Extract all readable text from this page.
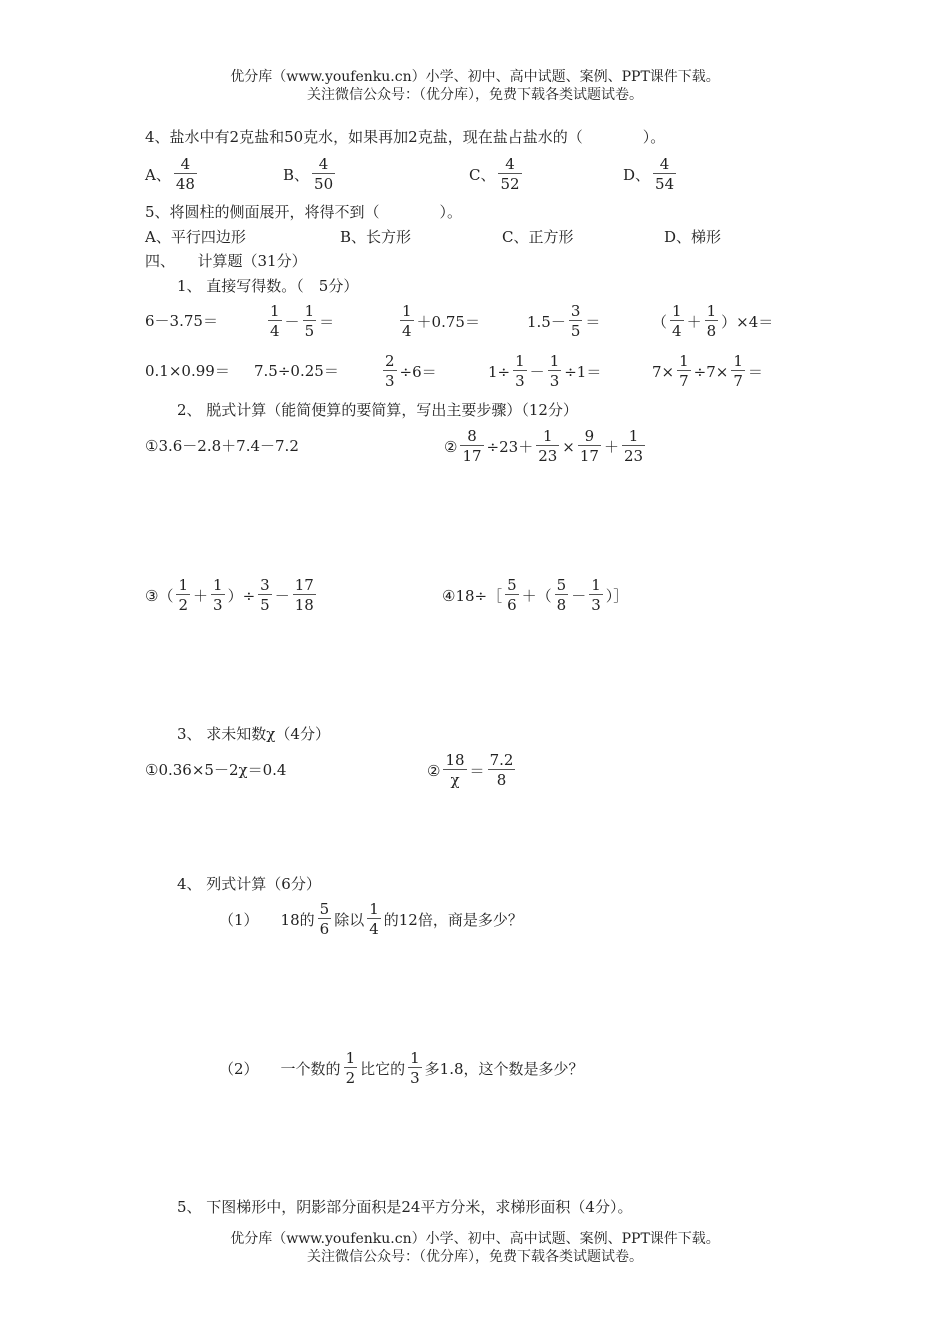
优分库（www.youfenku.cn）小学、初中、高中试题、案例、PPT课件下载。
关注微信公众号：（优分库），免费下载各类试题试卷。
4、盐水中有2克盐和50克水，如果再加2克盐，现在盐占盐水的（　　　　）。
A、 $\frac{4}{48}$	B、 $\frac{4}{50}$	C、 $\frac{4}{52}$	D、 $\frac{4}{54}$
5、将圆柱的侧面展开，将得不到（　　　　）。
A、平行四边形	B、长方形	C、正方形	D、梯形
四、　　计算题（31分）
1、 直接写得数。（　5分）
6－3.75＝	$\frac{1}{4} - \frac{1}{5}$ ＝	$\frac{1}{4} +0.75=$	$1.5- \frac{3}{5}$ ＝	（ $\frac{1}{4} + \frac{1}{8} )\times 4=$
0.1×0.99＝ 7.5÷0.25＝	$\frac{2}{3} \div 6=$	$1\div \frac{1}{3} - \frac{1}{3} \div 1=$	$7\times \frac{1}{7} \div 7\times \frac{1}{7}$ ＝
2、 脱式计算（能简便算的要简算，写出主要步骤）（12分）
①3.6－2.8＋7.4－7.2	② $\frac{8}{17} \div 23+ \frac{1}{23} \times \frac{9}{17} + \frac{1}{23}$
③（ $\frac{1}{2} + \frac{1}{3}$ ）÷ $\frac{3}{5} - \frac{17}{18}$	④18÷［ $\frac{5}{6}$ ＋（ $\frac{5}{8} - \frac{1}{3}$ ）］
3、 求未知数χ（4分）
①0.36×5－2χ＝0.4	② $\frac{18}{\chi} = \frac{7.2}{8}$
4、 列式计算（6分）
（1） 18的 $\frac{5}{6}$ 除以 $\frac{1}{4}$ 的12倍，商是多少？
（2） 一个数的 $\frac{1}{2}$ 比它的 $\frac{1}{3}$ 多1.8，这个数是多少？
5、 下图梯形中，阴影部分面积是24平方分米，求梯形面积（4分）。
优分库（www.youfenku.cn）小学、初中、高中试题、案例、PPT课件下载。
关注微信公众号：（优分库），免费下载各类试题试卷。
